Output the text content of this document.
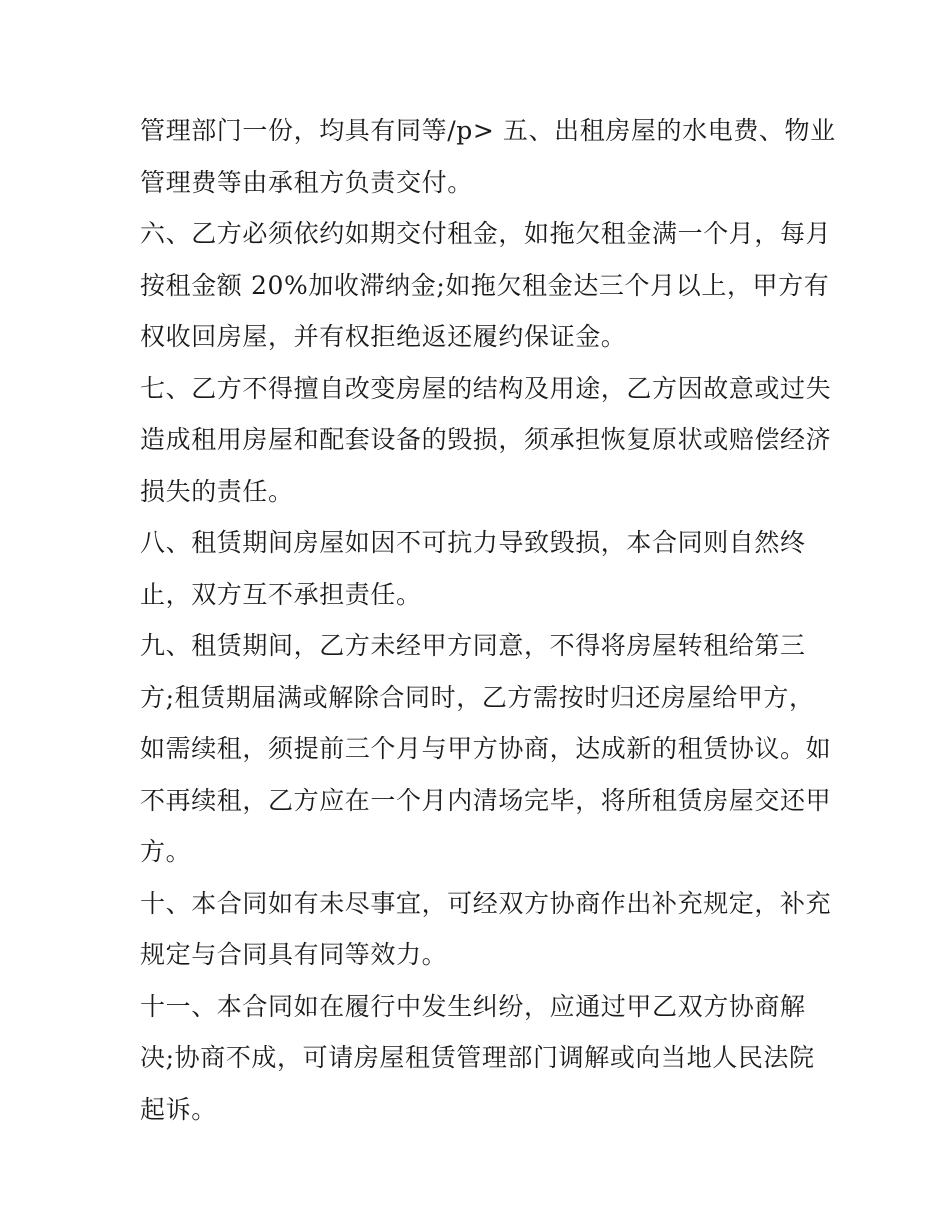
管理部门一份，均具有同等/p> 五、出租房屋的水电费、物业
管理费等由承租方负责交付。
六、乙方必须依约如期交付租金，如拖欠租金满一个月，每月
按租金额 20%加收滞纳金;如拖欠租金达三个月以上，甲方有
权收回房屋，并有权拒绝返还履约保证金。
七、乙方不得擅自改变房屋的结构及用途，乙方因故意或过失
造成租用房屋和配套设备的毁损，须承担恢复原状或赔偿经济
损失的责任。
八、租赁期间房屋如因不可抗力导致毁损，本合同则自然终
止，双方互不承担责任。
九、租赁期间，乙方未经甲方同意，不得将房屋转租给第三
方;租赁期届满或解除合同时，乙方需按时归还房屋给甲方，
如需续租，须提前三个月与甲方协商，达成新的租赁协议。如
不再续租，乙方应在一个月内清场完毕，将所租赁房屋交还甲
方。
十、本合同如有未尽事宜，可经双方协商作出补充规定，补充
规定与合同具有同等效力。
十一、本合同如在履行中发生纠纷，应通过甲乙双方协商解
决;协商不成，可请房屋租赁管理部门调解或向当地人民法院
起诉。
